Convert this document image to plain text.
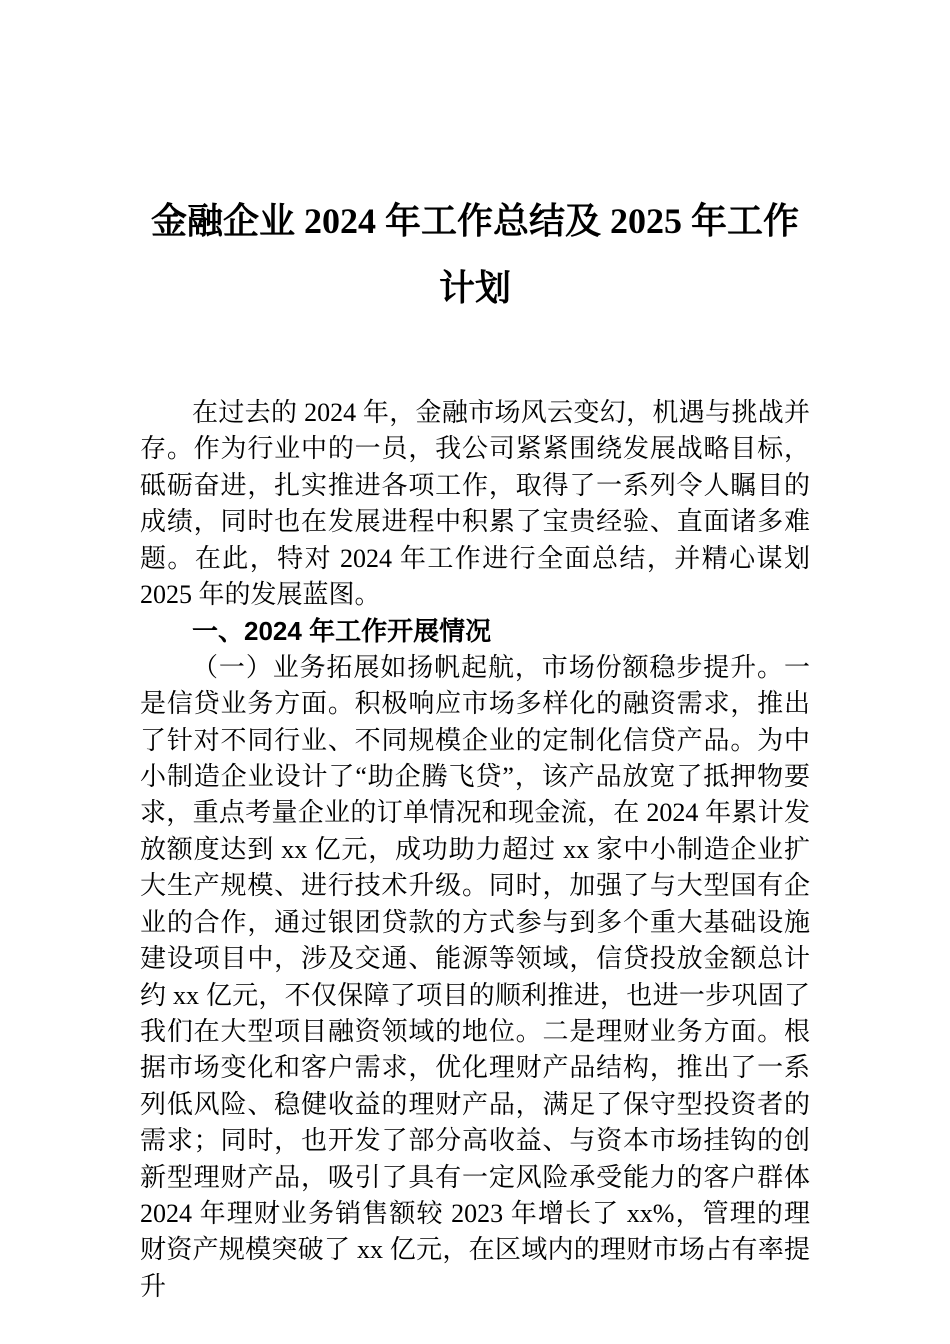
金融企业 2024 年工作总结及 2025 年工作计划

在过去的 2024 年，金融市场风云变幻，机遇与挑战并存。作为行业中的一员，我公司紧紧围绕发展战略目标，砥砺奋进，扎实推进各项工作，取得了一系列令人瞩目的成绩，同时也在发展进程中积累了宝贵经验、直面诸多难题。在此，特对 2024 年工作进行全面总结，并精心谋划 2025 年的发展蓝图。

一、2024 年工作开展情况

（一）业务拓展如扬帆起航，市场份额稳步提升。一是信贷业务方面。积极响应市场多样化的融资需求，推出了针对不同行业、不同规模企业的定制化信贷产品。为中小制造企业设计了“助企腾飞贷”，该产品放宽了抵押物要求，重点考量企业的订单情况和现金流，在 2024 年累计发放额度达到 xx 亿元，成功助力超过 xx 家中小制造企业扩大生产规模、进行技术升级。同时，加强了与大型国有企业的合作，通过银团贷款的方式参与到多个重大基础设施建设项目中，涉及交通、能源等领域，信贷投放金额总计约 xx 亿元，不仅保障了项目的顺利推进，也进一步巩固了我们在大型项目融资领域的地位。二是理财业务方面。根据市场变化和客户需求，优化理财产品结构，推出了一系列低风险、稳健收益的理财产品，满足了保守型投资者的需求；同时，也开发了部分高收益、与资本市场挂钩的创新型理财产品，吸引了具有一定风险承受能力的客户群体 2024 年理财业务销售额较 2023 年增长了 xx%，管理的理财资产规模突破了 xx 亿元，在区域内的理财市场占有率提升
